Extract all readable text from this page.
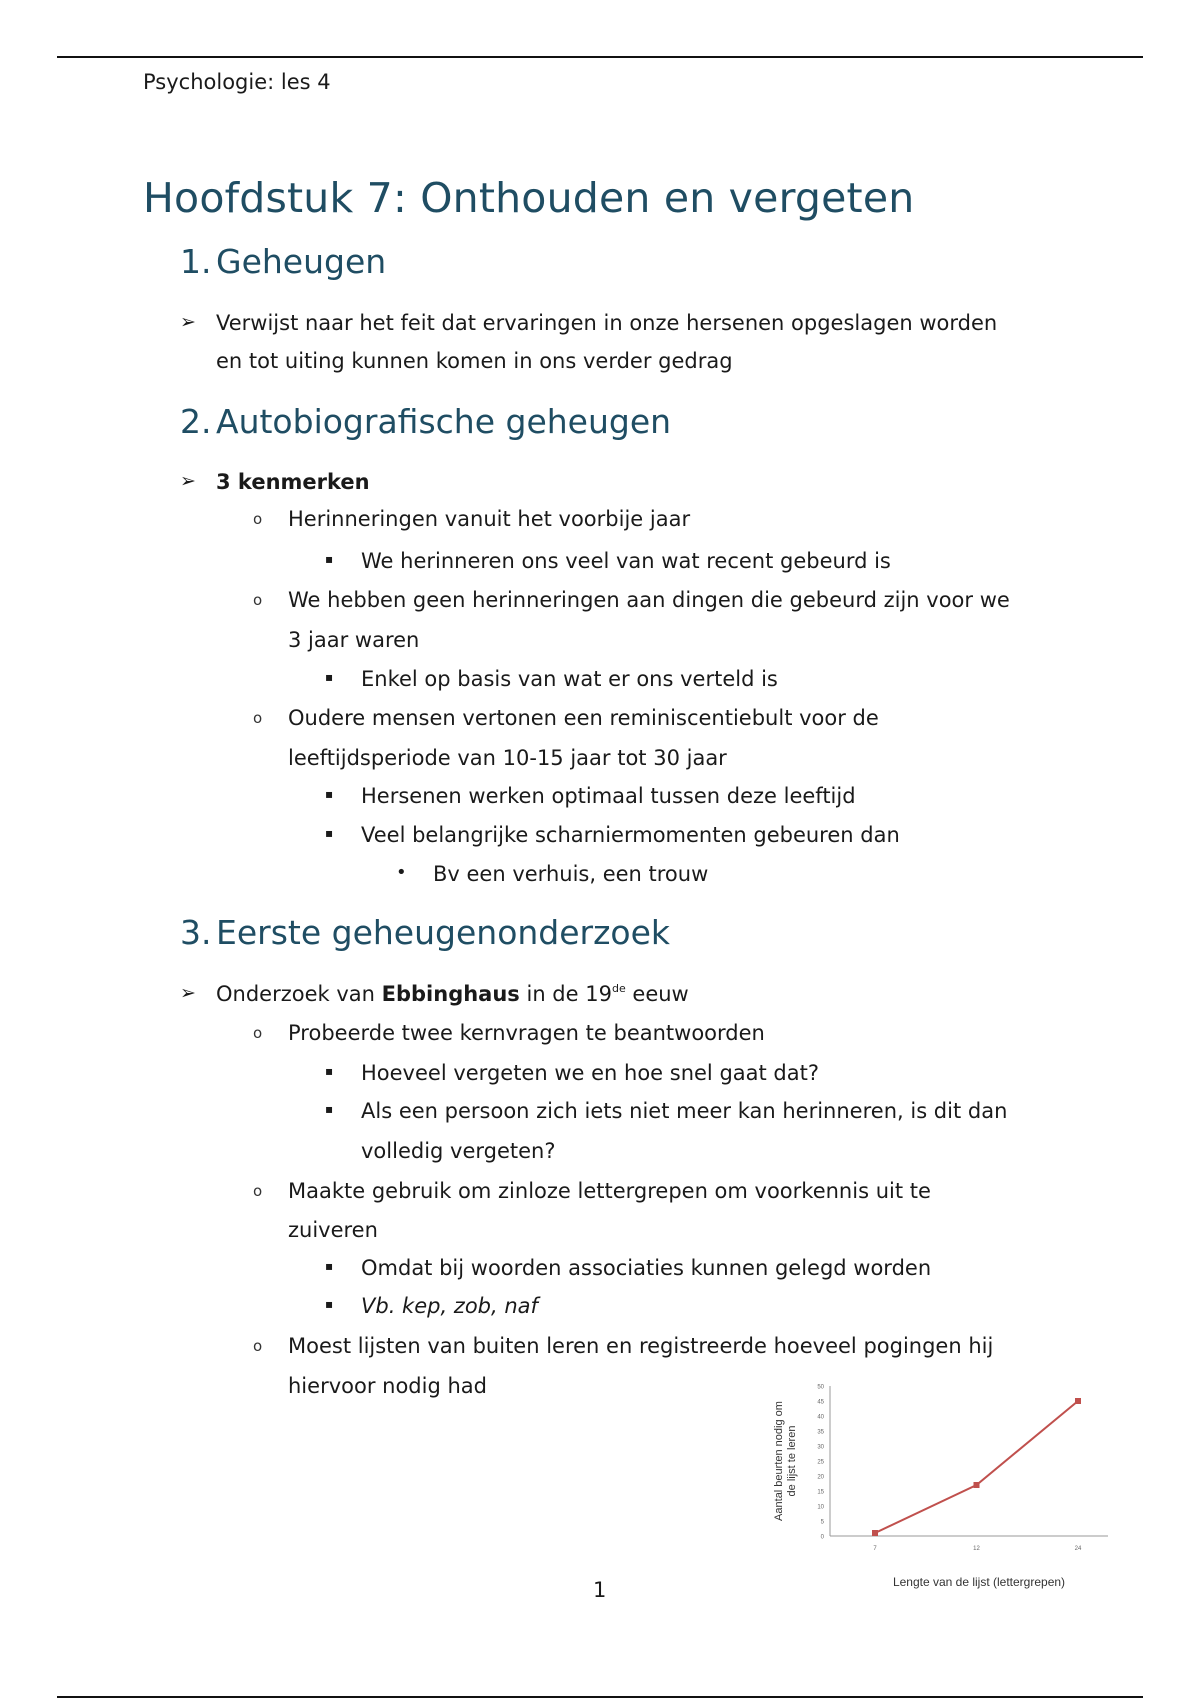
Psychologie: les 4
Hoofdstuk 7: Onthouden en vergeten
1. Geheugen
➢ Verwijst naar het feit dat ervaringen in onze hersenen opgeslagen worden
en tot uiting kunnen komen in ons verder gedrag
2. Autobiografische geheugen
➢ 3 kenmerken
o Herinneringen vanuit het voorbije jaar
▪ We herinneren ons veel van wat recent gebeurd is
o We hebben geen herinneringen aan dingen die gebeurd zijn voor we
3 jaar waren
▪ Enkel op basis van wat er ons verteld is
o Oudere mensen vertonen een reminiscentiebult voor de
leeftijdsperiode van 10-15 jaar tot 30 jaar
▪ Hersenen werken optimaal tussen deze leeftijd
▪ Veel belangrijke scharniermomenten gebeuren dan
• Bv een verhuis, een trouw
3. Eerste geheugenonderzoek
➢ Onderzoek van Ebbinghaus in de 19de eeuw
o Probeerde twee kernvragen te beantwoorden
▪ Hoeveel vergeten we en hoe snel gaat dat?
▪ Als een persoon zich iets niet meer kan herinneren, is dit dan
volledig vergeten?
o Maakte gebruik om zinloze lettergrepen om voorkennis uit te
zuiveren
▪ Omdat bij woorden associaties kunnen gelegd worden
▪ Vb. kep, zob, naf
o Moest lijsten van buiten leren en registreerde hoeveel pogingen hij
hiervoor nodig had
0
5
10
15
20
25
30
35
40
45
50
7	12	24
Aantal beurten nodig om de lijst te leren
Lengte van de lijst (lettergrepen)
1
